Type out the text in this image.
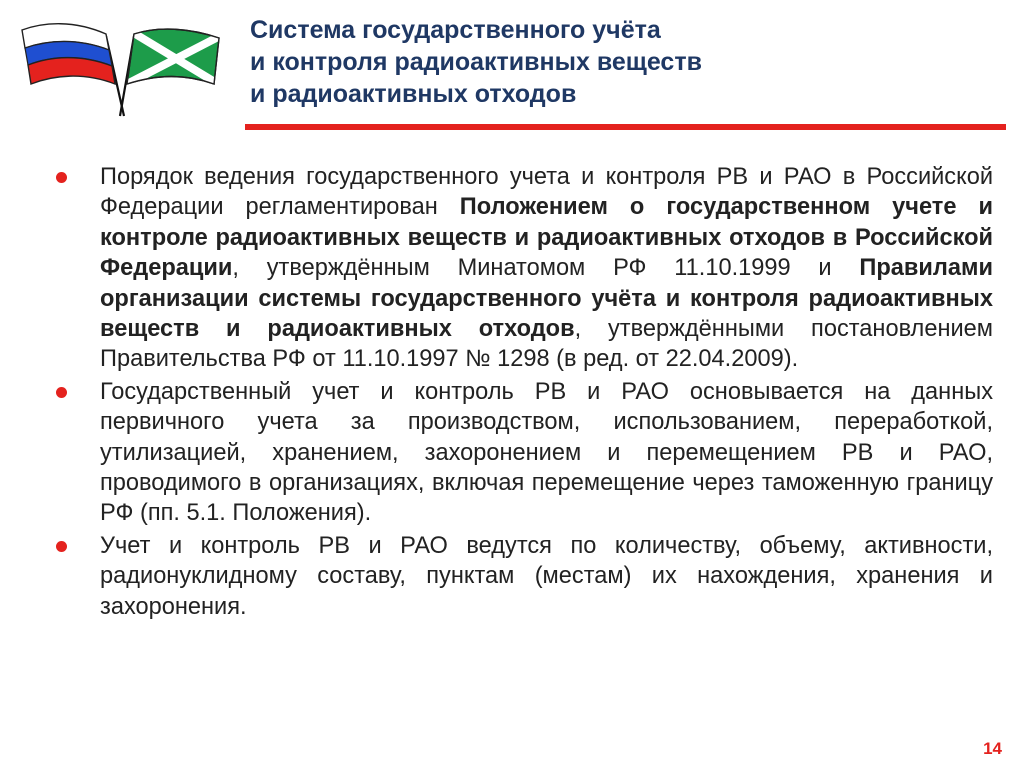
Система государственного учёта
и контроля радиоактивных веществ
и радиоактивных отходов
Порядок ведения государственного учета и контроля РВ и РАО в Российской Федерации регламентирован Положением о государственном учете и контроле радиоактивных веществ и радиоактивных отходов в Российской Федерации, утверждённым Минатомом РФ 11.10.1999 и Правилами организации системы государственного учёта и контроля радиоактивных веществ и радиоактивных отходов, утверждёнными постановлением Правительства РФ от 11.10.1997 № 1298 (в ред. от 22.04.2009).
Государственный учет и контроль РВ и РАО основывается на данных первичного учета за производством, использованием, переработкой, утилизацией, хранением, захоронением и перемещением РВ и РАО, проводимого в организациях, включая перемещение через таможенную границу РФ (пп. 5.1. Положения).
Учет и контроль РВ и РАО ведутся по количеству, объему, активности, радионуклидному составу, пунктам (местам) их нахождения, хранения и захоронения.
14
